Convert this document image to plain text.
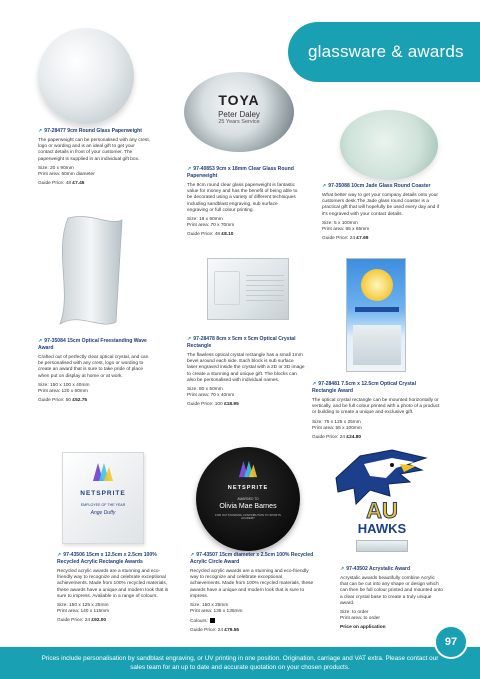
glassware & awards
TOYA
Peter Daley
25 Years Service
↗ 97-28477 9cm Round Glass Paperweight
The paperweight can be personalised with any crest, logo or wording and is an ideal gift to get your contact details in front of your customer. The paperweight is supplied in an individual gift box.
Size: 20 x 90mm
Print area: 60mm diameter
Guide Price: 48 £7.45
↗ 97-40853 9cm x 18mm Clear Glass Round Paperweight
The 9cm round clear glass paperweight is fantastic value for money and has the benefit of being able to be decorated using a variety of different techniques including sandblast engraving, sub surface engraving or full colour printing.
Size: 18 x 90mm
Print area: 70 x 70mm
Guide Price: 48 £8.10
↗ 97-35088 10cm Jade Glass Round Coaster
What better way to get your company details onto your customers desk.The Jade glass round coaster is a practical gift that will hopefully be used every day and if it's engraved with your contact details.
Size: 5 x 100mm
Print area: 65 x 65mm
Guide Price: 24 £7.69
↗ 97-35084 15cm Optical Freestanding Wave Award
Crafted out of perfectly clear optical crystal, and can be personalised with any crest, logo or wording to create an award that is sure to take pride of place when put on display at home or at work.
Size: 150 x 100 x 40mm
Print area: 120 x 60mm
Guide Price: 50 £52.75
↗ 97-28478 8cm x 5cm x 5cm Optical Crystal Rectangle
The flawless optical crystal rectangle has a small 1mm bevel around each side. Each block is sub surface laser engraved inside the crystal with a 2D or 3D image to create a stunning and unique gift. The blocks can also be personalised with individual names.
Size: 80 x 50mm
Print area: 70 x 40mm
Guide Price: 100 £18.95
↗ 97-28481 7.5cm x 12.5cm Optical Crystal Rectangle Award
The optical crystal rectangle can be mounted horizontally or vertically, and be full colour printed with a photo of a product or building to create a unique and exclusive gift.
Size: 75 x 125 x 25mm
Print area: 55 x 100mm
Guide Price: 24 £24.80
NETSPRITE
EMPLOYEE OF THE YEAR
Ange Duffy
NETSPRITE
AWARDED TO
Olivia Mae Barnes
FOR OUTSTANDING CONTRIBUTION TO SPORTS ACADEMY	AU
HAWKS
↗ 97-43506 15cm x 12.5cm x 2.5cm 100% Recycled Acrylic Rectangle Awards
Recycled acrylic awards are a stunning and eco-friendly way to recognize and celebrate exceptional achievements. Made from 100% recycled materials, these awards have a unique and modern look that is sure to impress. Available in a range of colours.
Size: 150 x 125 x 25mm
Print area: 140 x 115mm
Guide Price: 24 £92.00
↗ 97-43507 15cm diameter x 2.5cm 100% Recycled Acrylic Circle Award
Recycled acrylic awards are a stunning and eco-friendly way to recognize and celebrate exceptional achievements. Made from 100% recycled materials, these awards have a unique and modern look that is sure to impress.
Size: 150 x 25mm
Print area: 135 x 135mm
Colours:
Guide Price: 24 £79.55
↗ 97-43502 Acrystalic Award
Acrystalic awards beautifully combine Acrylic that can be cut into any shape or design which can then be full colour printed and mounted onto a clear crystal base to create a truly unique award.
Size: to order
Print area: to order
Price on application
Prices include personalisation by sandblast engraving, or UV printing in one position. Origination, carriage and VAT extra. Please contact our sales team for an up to date and accurate quotation on your chosen products.
97
